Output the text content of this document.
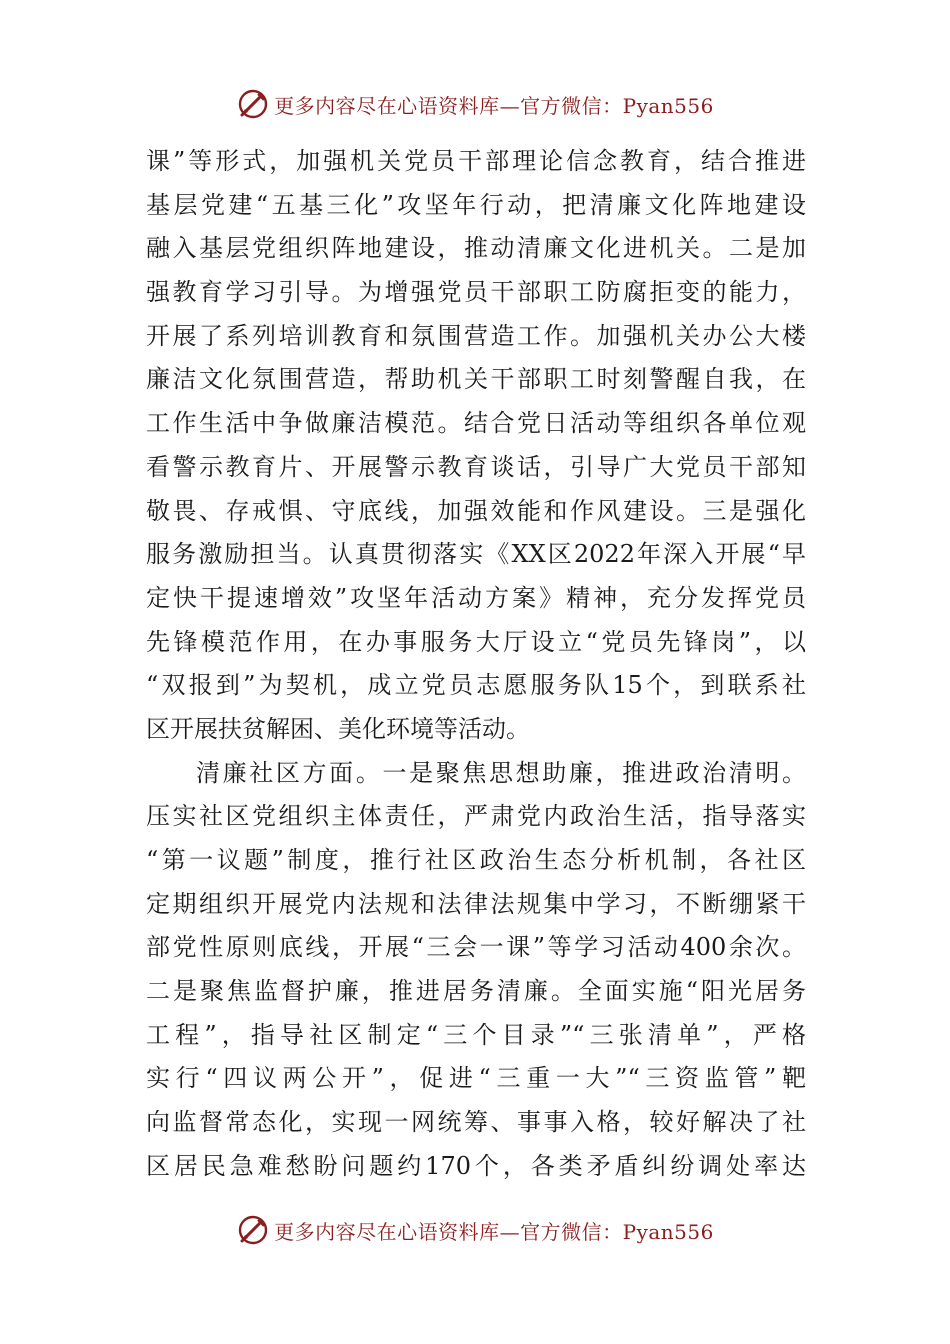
更多内容尽在心语资料库—官方微信：Pyan556
课”等形式，加强机关党员干部理论信念教育，结合推进
基层党建“五基三化”攻坚年行动，把清廉文化阵地建设
融入基层党组织阵地建设，推动清廉文化进机关。二是加
强教育学习引导。为增强党员干部职工防腐拒变的能力，
开展了系列培训教育和氛围营造工作。加强机关办公大楼
廉洁文化氛围营造，帮助机关干部职工时刻警醒自我，在
工作生活中争做廉洁模范。结合党日活动等组织各单位观
看警示教育片、开展警示教育谈话，引导广大党员干部知
敬畏、存戒惧、守底线，加强效能和作风建设。三是强化
服务激励担当。认真贯彻落实《XX区2022年深入开展“早
定快干提速增效”攻坚年活动方案》精神，充分发挥党员
先锋模范作用，在办事服务大厅设立“党员先锋岗”，以
“双报到”为契机，成立党员志愿服务队15个，到联系社
区开展扶贫解困、美化环境等活动。
清廉社区方面。一是聚焦思想助廉，推进政治清明。
压实社区党组织主体责任，严肃党内政治生活，指导落实
“第一议题”制度，推行社区政治生态分析机制，各社区
定期组织开展党内法规和法律法规集中学习，不断绷紧干
部党性原则底线，开展“三会一课”等学习活动400余次。
二是聚焦监督护廉，推进居务清廉。全面实施“阳光居务
工程”，指导社区制定“三个目录”“三张清单”，严格
实行“四议两公开”，促进“三重一大”“三资监管”靶
向监督常态化，实现一网统筹、事事入格，较好解决了社
区居民急难愁盼问题约170个，各类矛盾纠纷调处率达
更多内容尽在心语资料库—官方微信：Pyan556
